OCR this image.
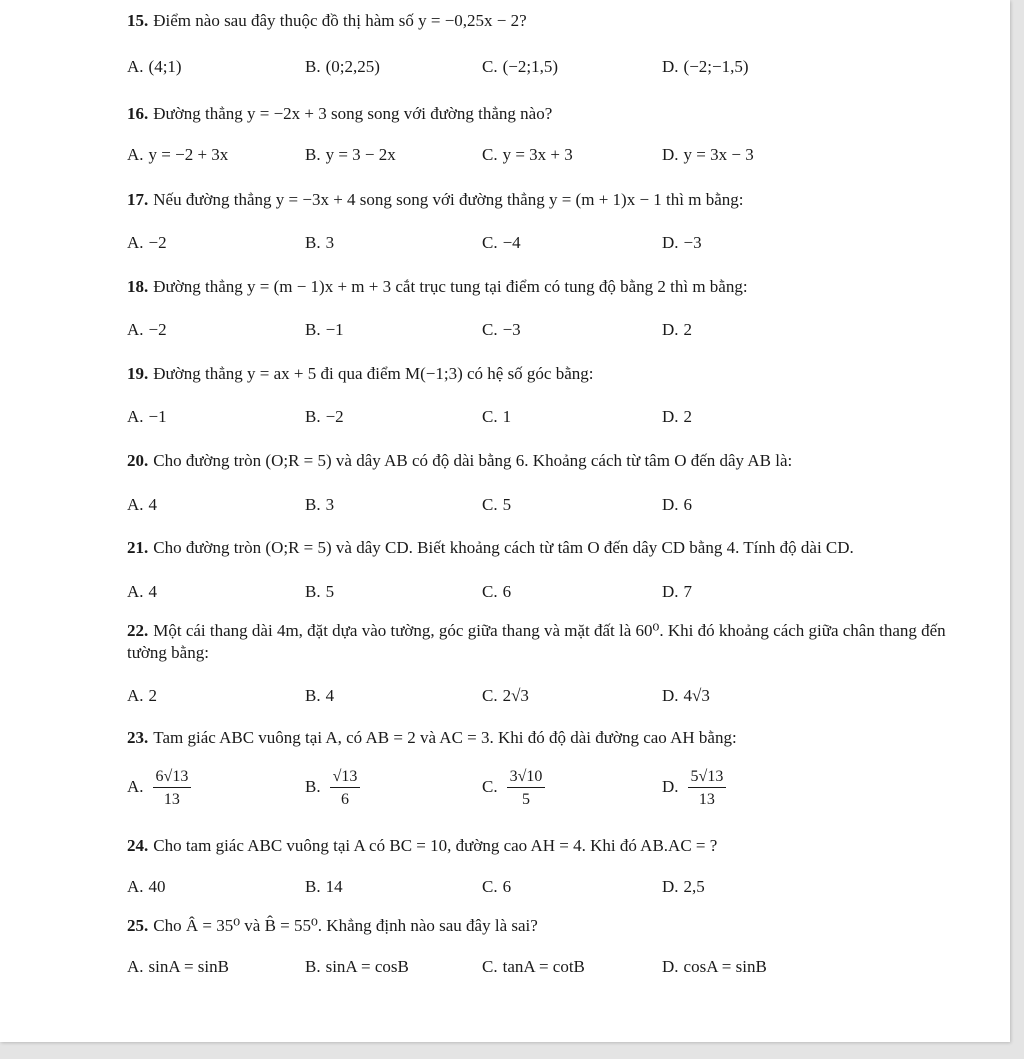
15. Điểm nào sau đây thuộc đồ thị hàm số y = −0,25x − 2?
A. (4;1)	B. (0;2,25)	C. (−2;1,5)	D. (−2;−1,5)
16. Đường thẳng y = −2x + 3 song song với đường thẳng nào?
A. y = −2 + 3x	B. y = 3 − 2x	C. y = 3x + 3	D. y = 3x − 3
17. Nếu đường thẳng y = −3x + 4 song song với đường thẳng y = (m + 1)x − 1 thì m bằng:
A. −2	B. 3	C. −4	D. −3
18. Đường thẳng y = (m − 1)x + m + 3 cắt trục tung tại điểm có tung độ bằng 2 thì m bằng:
A. −2	B. −1	C. −3	D. 2
19. Đường thẳng y = ax + 5 đi qua điểm M(−1;3) có hệ số góc bằng:
A. −1	B. −2	C. 1	D. 2
20. Cho đường tròn (O;R = 5) và dây AB có độ dài bằng 6. Khoảng cách từ tâm O đến dây AB là:
A. 4	B. 3	C. 5	D. 6
21. Cho đường tròn (O;R = 5) và dây CD. Biết khoảng cách từ tâm O đến dây CD bằng 4. Tính độ dài CD.
A. 4	B. 5	C. 6	D. 7
22. Một cái thang dài 4m, đặt dựa vào tường, góc giữa thang và mặt đất là 60⁰. Khi đó khoảng cách giữa chân thang đến tường bằng:
A. 2	B. 4	C. 2√3	D. 4√3
23. Tam giác ABC vuông tại A, có AB = 2 và AC = 3. Khi đó độ dài đường cao AH bằng:
A. $\frac{6√13}{13}$	B. $\frac{√13}{6}$	C. $\frac{3√10}{5}$	D. $\frac{5√13}{13}$
24. Cho tam giác ABC vuông tại A có BC = 10, đường cao AH = 4. Khi đó AB.AC = ?
A. 40	B. 14	C. 6	D. 2,5
25. Cho Â = 35⁰ và B̂ = 55⁰. Khẳng định nào sau đây là sai?
A. sinA = sinB	B. sinA = cosB	C. tanA = cotB	D. cosA = sinB
